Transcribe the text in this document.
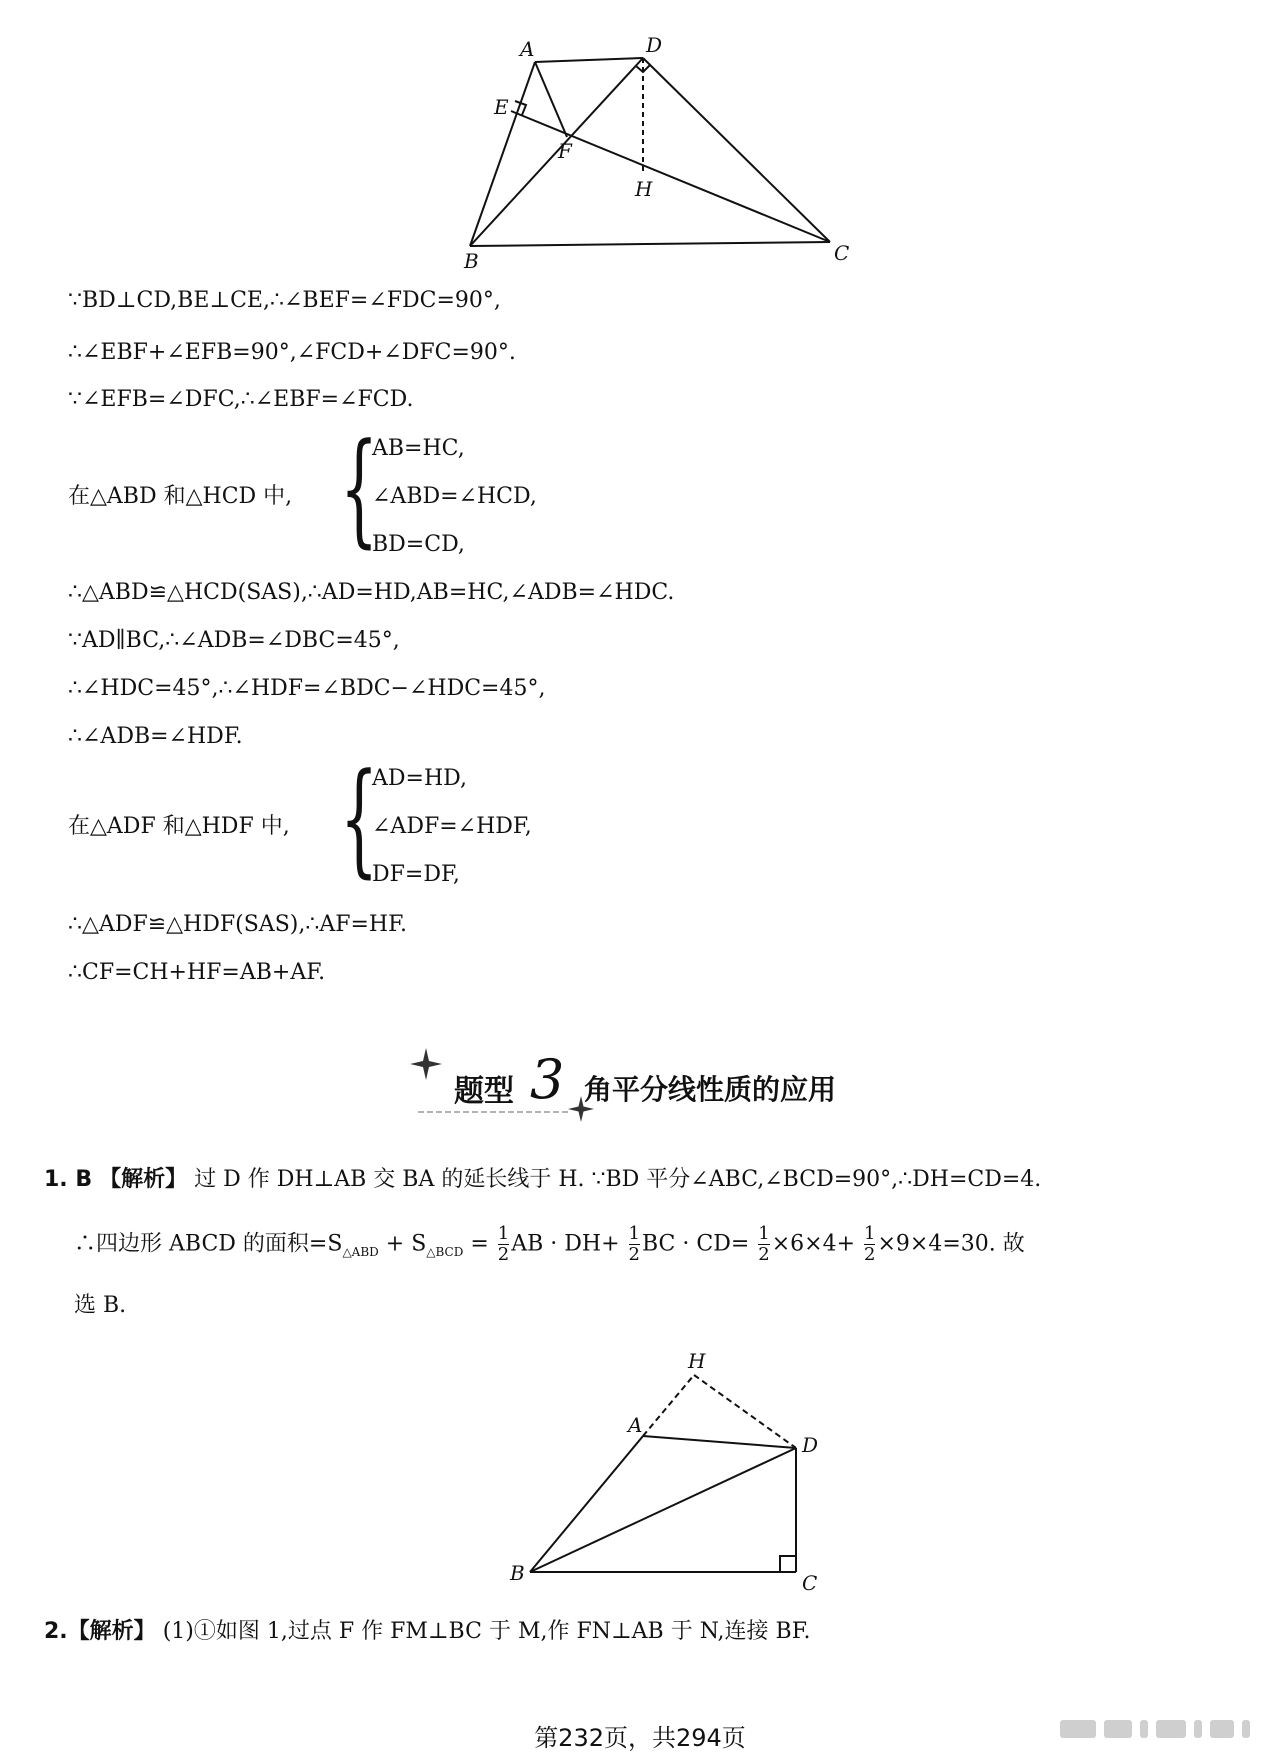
A	D
E
F
H
B	C
∵BD⊥CD,BE⊥CE,∴∠BEF=∠FDC=90°,
∴∠EBF+∠EFB=90°,∠FCD+∠DFC=90°.
∵∠EFB=∠DFC,∴∠EBF=∠FCD.
在△ABD 和△HCD 中, {
AB=HC,
∠ABD=∠HCD,
BD=CD,
∴△ABD≌△HCD(SAS),∴AD=HD,AB=HC,∠ADB=∠HDC.
∵AD∥BC,∴∠ADB=∠DBC=45°,
∴∠HDC=45°,∴∠HDF=∠BDC−∠HDC=45°,
∴∠ADB=∠HDF.
在△ADF 和△HDF 中, {
AD=HD,
∠ADF=∠HDF,
DF=DF,
∴△ADF≌△HDF(SAS),∴AF=HF.
∴CF=CH+HF=AB+AF.
题型 3 角平分线性质的应用
1. B 【解析】 过 D 作 DH⊥AB 交 BA 的延长线于 H. ∵BD 平分∠ABC,∠BCD=90°,∴DH=CD=4.
∴四边形 ABCD 的面积$=S_{\triangle ABD} + S_{\triangle BCD} = \frac{1}{2}$ AB · $DH+ \frac{1}{2}$ BC · $CD= \frac{1}{2} \times 6\times 4+ \frac{1}{2} \times 9\times 4=30$. 故
选 B.
H
A
D
B	C
2.【解析】 (1)①如图 1,过点 F 作 FM⊥BC 于 M,作 FN⊥AB 于 N,连接 BF.
第232页，共294页
